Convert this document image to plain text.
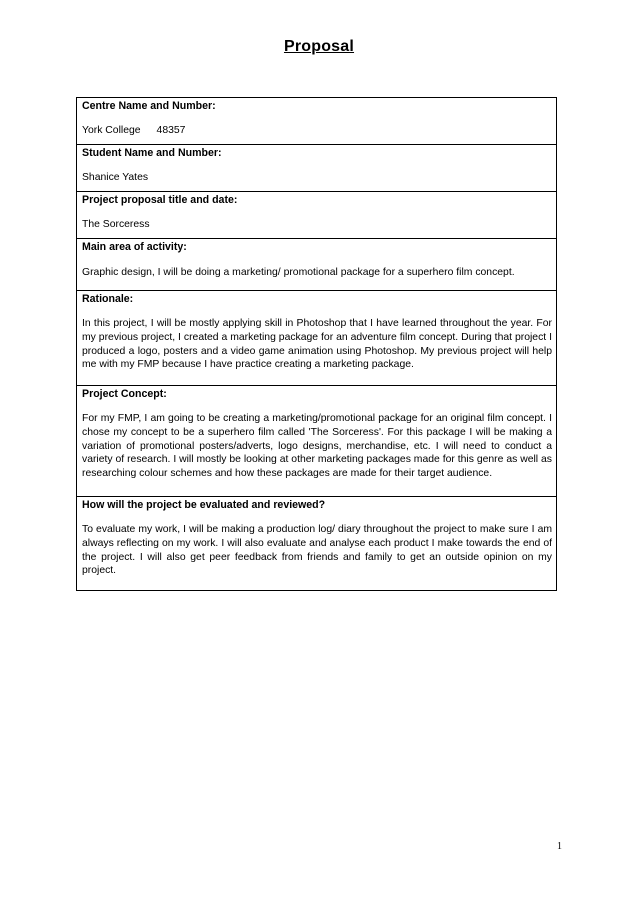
Proposal
Centre Name and Number:
York College 48357
Student Name and Number:
Shanice Yates
Project proposal title and date:
The Sorceress
Main area of activity:
Graphic design, I will be doing a marketing/ promotional package for a superhero film concept.
Rationale:
In this project, I will be mostly applying skill in Photoshop that I have learned throughout the year. For my previous project, I created a marketing package for an adventure film concept. During that project I produced a logo, posters and a video game animation using Photoshop. My previous project will help me with my FMP because I have practice creating a marketing package.
Project Concept:
For my FMP, I am going to be creating a marketing/promotional package for an original film concept. I chose my concept to be a superhero film called 'The Sorceress'. For this package I will be making a variation of promotional posters/adverts, logo designs, merchandise, etc. I will need to conduct a variety of research. I will mostly be looking at other marketing packages made for this genre as well as researching colour schemes and how these packages are made for their target audience.
How will the project be evaluated and reviewed?
To evaluate my work, I will be making a production log/ diary throughout the project to make sure I am always reflecting on my work. I will also evaluate and analyse each product I make towards the end of the project. I will also get peer feedback from friends and family to get an outside opinion on my project.
1
